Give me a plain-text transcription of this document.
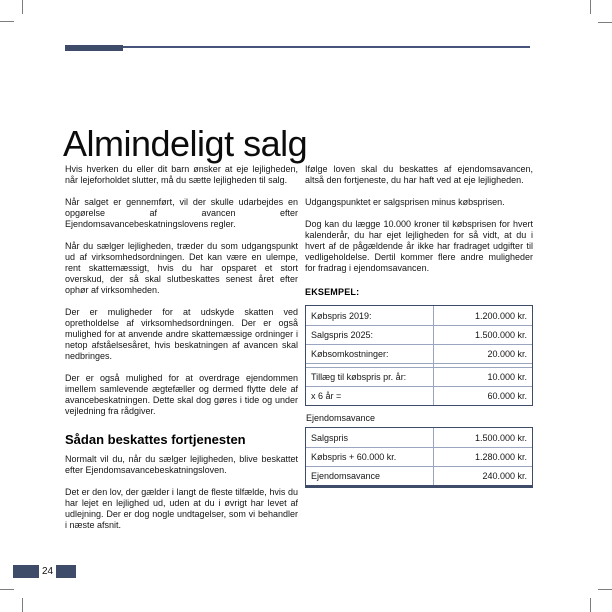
Almindeligt salg

Hvis hverken du eller dit barn ønsker at eje lejligheden, når lejeforholdet slutter, må du sætte lejligheden til salg.

Når salget er gennemført, vil der skulle udarbejdes en opgørelse af avancen efter Ejendomsavancebeskatningslovens regler.

Når du sælger lejligheden, træder du som udgangspunkt ud af virksomhedsordningen. Det kan være en ulempe, rent skattemæssigt, hvis du har opsparet et stort overskud, der så skal slutbeskattes senest året efter ophør af virksomheden.

Der er muligheder for at udskyde skatten ved opretholdelse af virksomhedsordningen. Der er også mulighed for at anvende andre skattemæssige ordninger i netop afståelsesåret, hvis beskatningen af avancen skal nedbringes.

Der er også mulighed for at overdrage ejendommen imellem samlevende ægtefæller og dermed flytte dele af avancebeskatningen. Dette skal dog gøres i tide og under vejledning fra rådgiver.

Sådan beskattes fortjenesten

Normalt vil du, når du sælger lejligheden, blive beskattet efter Ejendomsavancebeskatningsloven.

Det er den lov, der gælder i langt de fleste tilfælde, hvis du har lejet en lejlighed ud, uden at du i øvrigt har levet af udlejning. Der er dog nogle undtagelser, som vi behandler i næste afsnit.

Ifølge loven skal du beskattes af ejendomsavancen, altså den fortjeneste, du har haft ved at eje lejligheden.

Udgangspunktet er salgsprisen minus købsprisen.

Dog kan du lægge 10.000 kroner til købsprisen for hvert kalenderår, du har ejet lejligheden for så vidt, at du i hvert af de pågældende år ikke har fradraget udgifter til vedligeholdelse. Dertil kommer flere andre muligheder for fradrag i ejendomsavancen.

EKSEMPEL:
Købspris 2019:	1.200.000 kr.
Salgspris 2025:	1.500.000 kr.
Købsomkostninger:	20.000 kr.
Tillæg til købspris pr. år:	10.000 kr.
x 6 år =	60.000 kr.
Ejendomsavance
Salgspris	1.500.000 kr.
Købspris + 60.000 kr.	1.280.000 kr.
Ejendomsavance	240.000 kr.
24
